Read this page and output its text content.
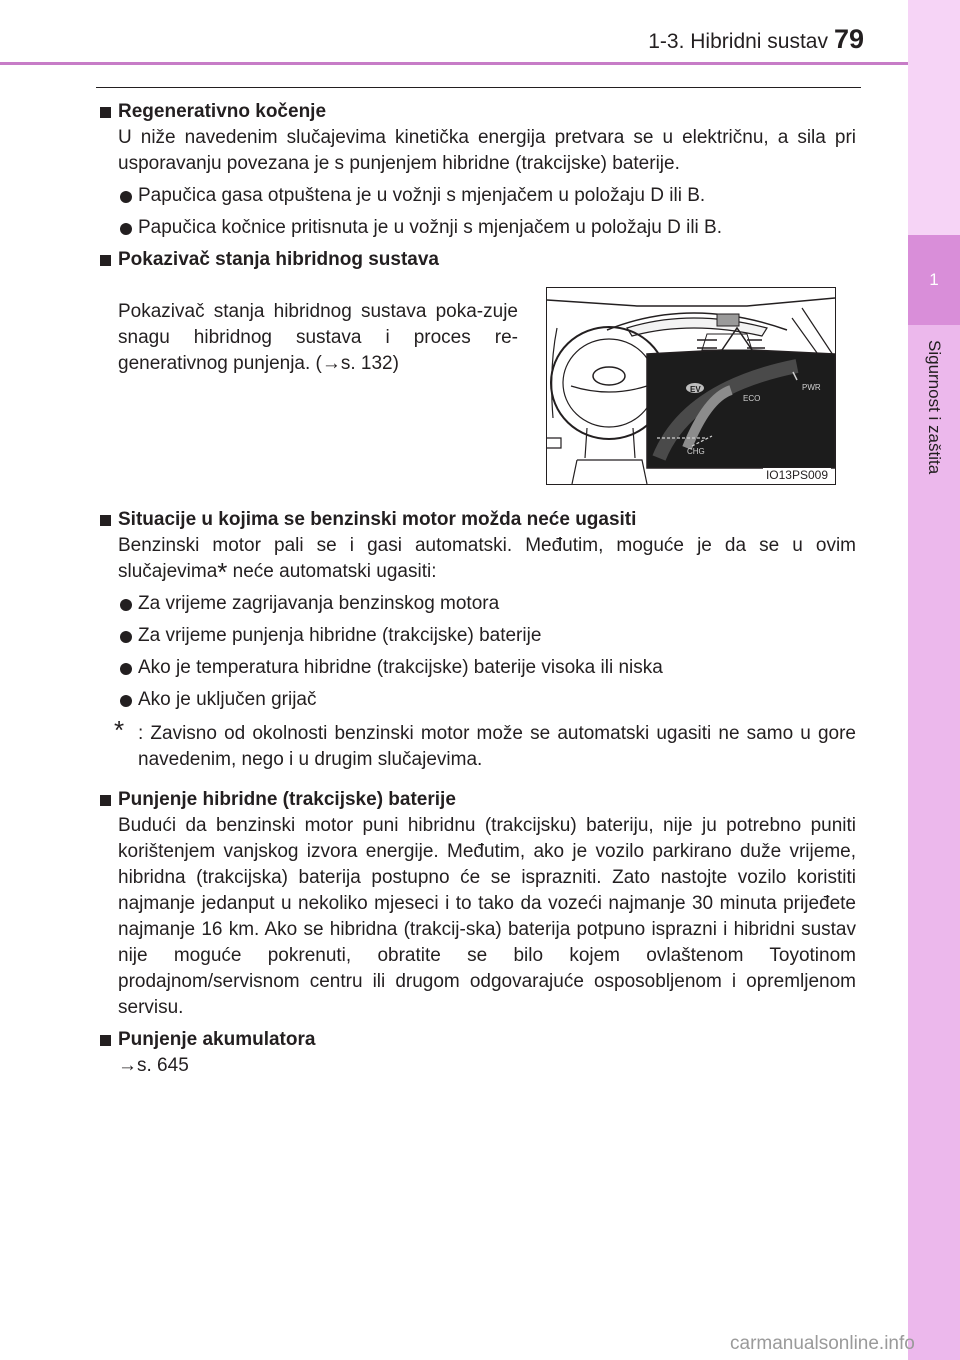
1
Sigurnost i zaštita
1-3. Hibridni sustav 79
Regenerativno kočenje

U niže navedenim slučajevima kinetička energija pretvara se u električnu, a sila pri usporavanju povezana je s punjenjem hibridne (trakcijske) baterije.

Papučica gasa otpuštena je u vožnji s mjenjačem u položaju D ili B.

Papučica kočnice pritisnuta je u vožnji s mjenjačem u položaju D ili B.

Pokazivač stanja hibridnog sustava

Pokazivač stanja hibridnog sustava poka-zuje snagu hibridnog sustava i proces re-generativnog punjenja. (→s. 132)

Situacije u kojima se benzinski motor možda neće ugasiti

Benzinski motor pali se i gasi automatski. Međutim, moguće je da se u ovim slučajevima* neće automatski ugasiti:

Za vrijeme zagrijavanja benzinskog motora

Za vrijeme punjenja hibridne (trakcijske) baterije

Ako je temperatura hibridne (trakcijske) baterije visoka ili niska

Ako je uključen grijač

* : Zavisno od okolnosti benzinski motor može se automatski ugasiti ne samo u gore navedenim, nego i u drugim slučajevima.

Punjenje hibridne (trakcijske) baterije

Budući da benzinski motor puni hibridnu (trakcijsku) bateriju, nije ju potrebno puniti korištenjem vanjskog izvora energije. Međutim, ako je vozilo parkirano duže vrijeme, hibridna (trakcijska) baterija postupno će se isprazniti. Zato nastojte vozilo koristiti najmanje jedanput u nekoliko mjeseci i to tako da vozeći najmanje 30 minuta prijeđete najmanje 16 km. Ako se hibridna (trakcij-ska) baterija potpuno isprazni i hibridni sustav nije moguće pokrenuti, obratite se bilo kojem ovlaštenom Toyotinom prodajnom/servisnom centru ili drugom odgovarajuće osposobljenom i opremljenom servisu.

Punjenje akumulatora

→s. 645

EV
ECO
PWR
CHG
IO13PS009
carmanualsonline.info
